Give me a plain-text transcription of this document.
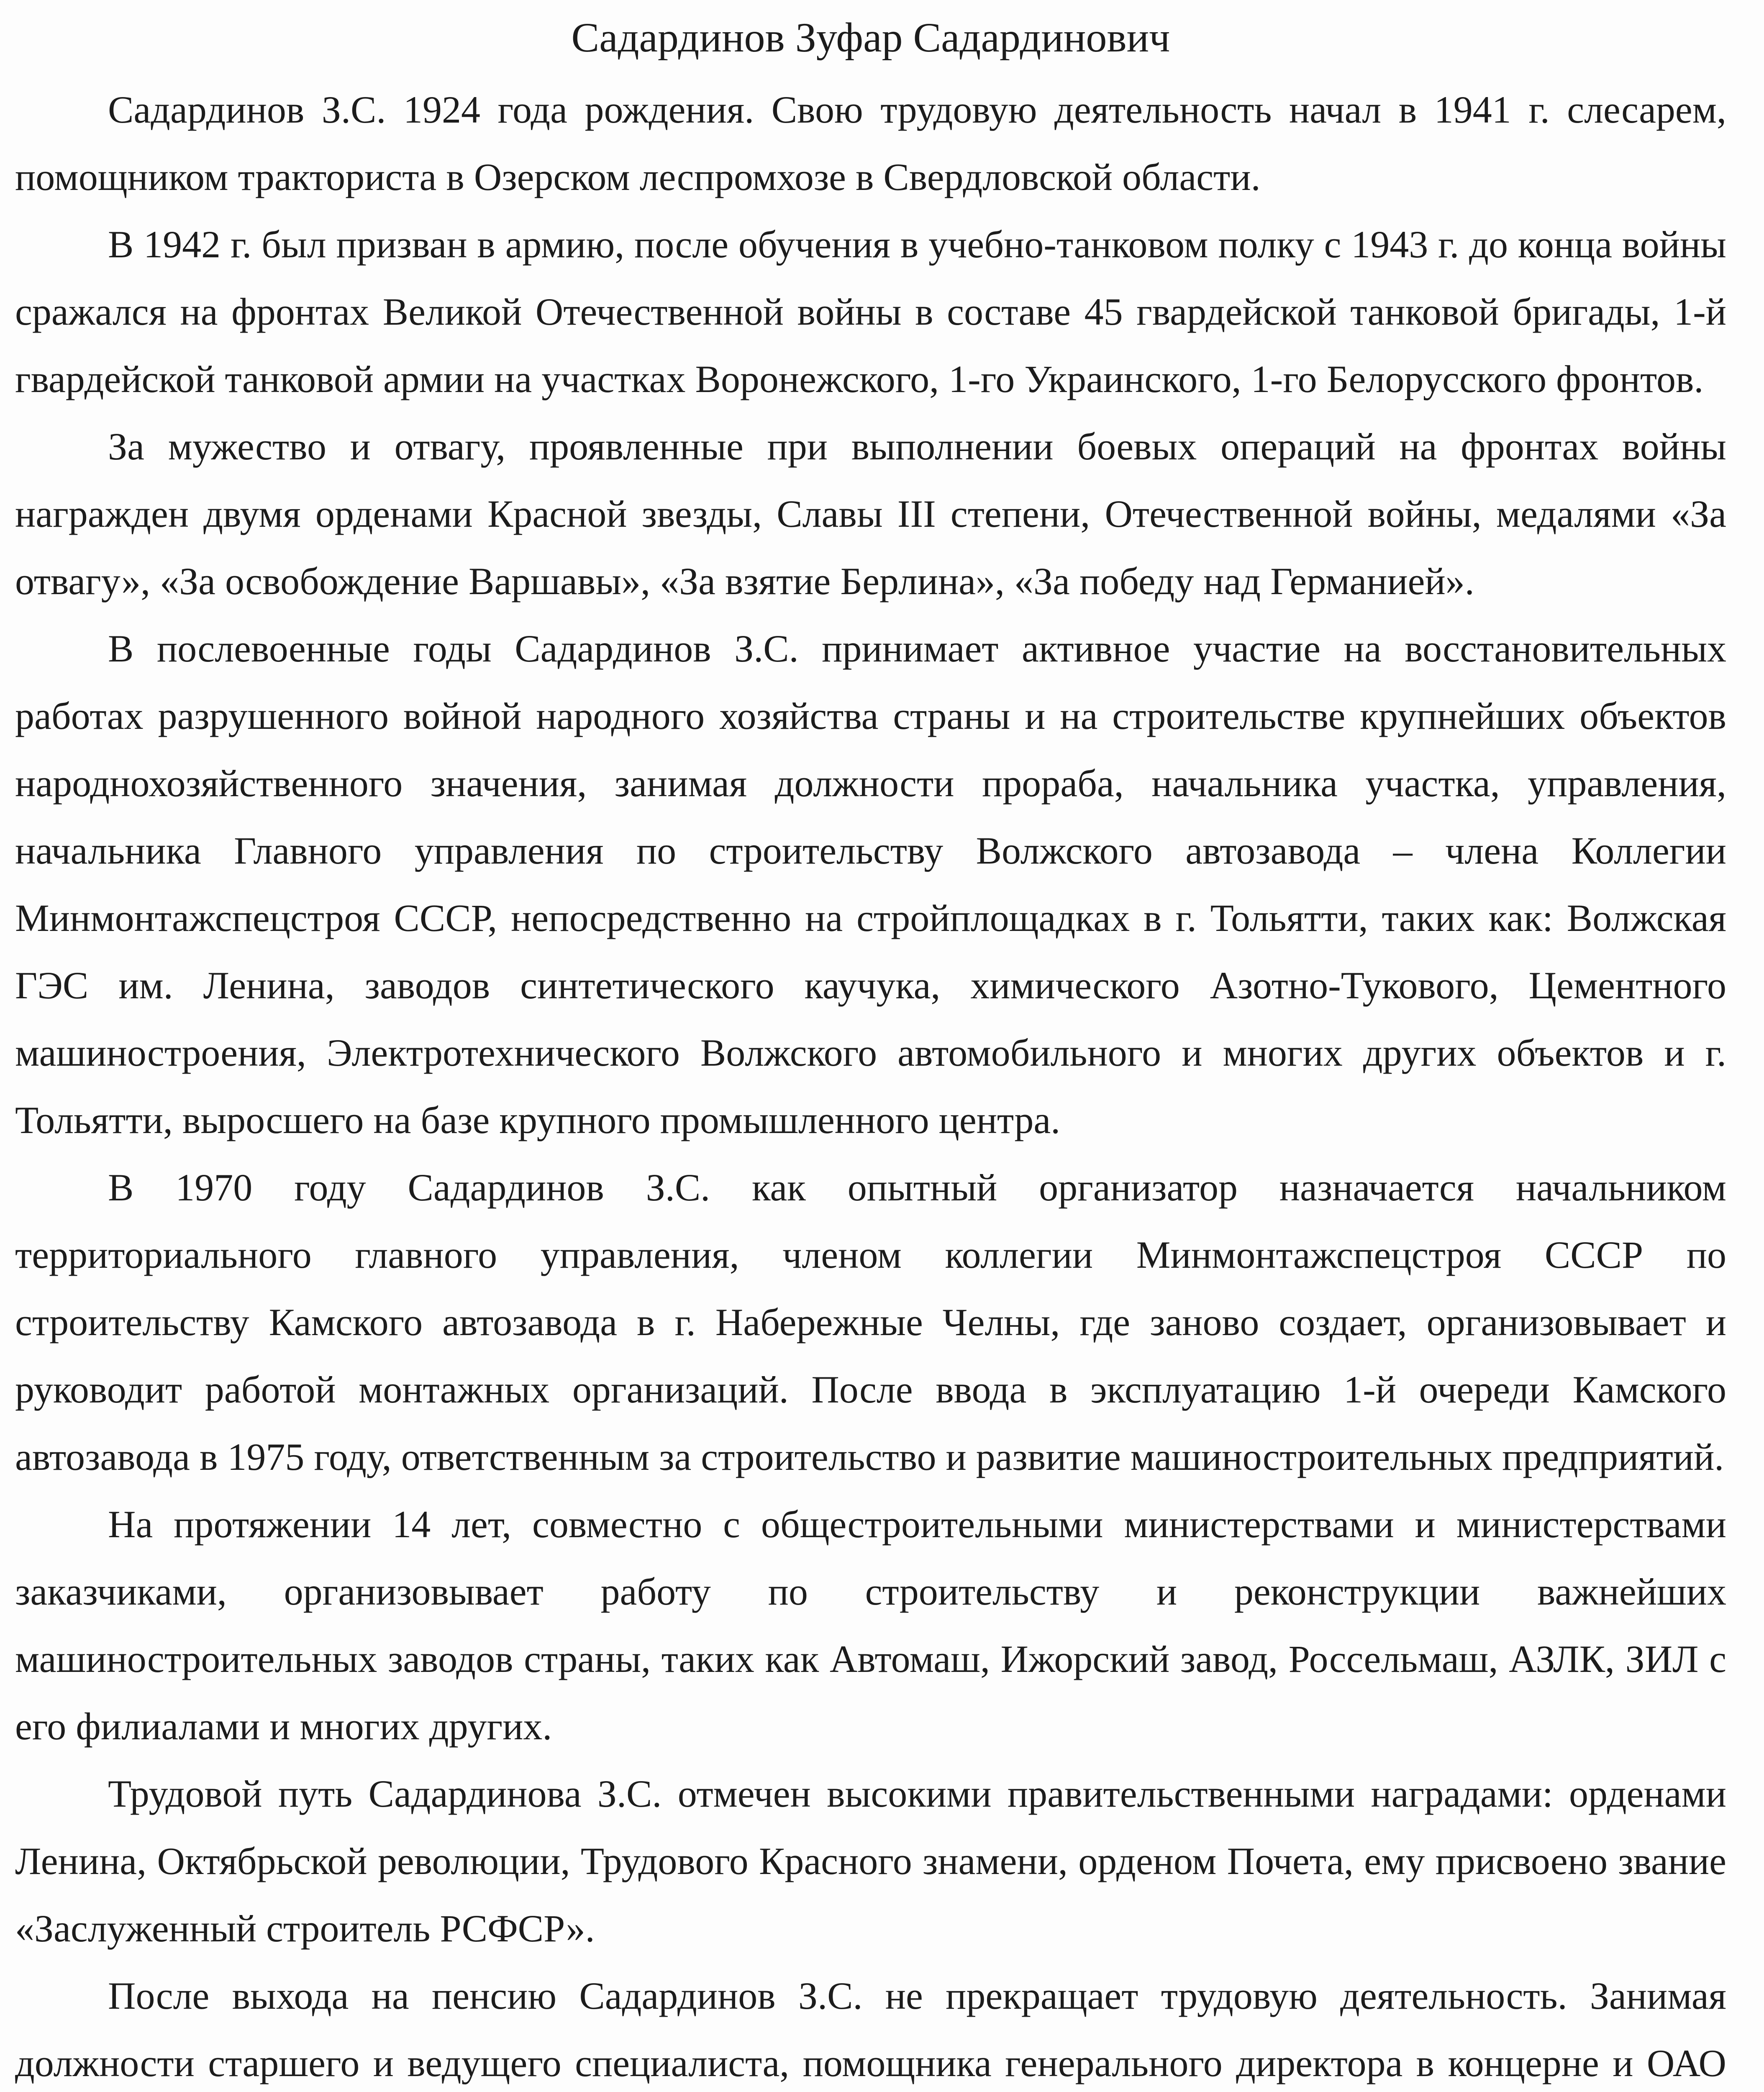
Садардинов Зуфар Садардинович

Садардинов З.С. 1924 года рождения. Свою трудовую деятельность начал в 1941 г. слесарем, помощником тракториста в Озерском леспромхозе в Свердловской области.

В 1942 г. был призван в армию, после обучения в учебно-танковом полку с 1943 г. до конца войны сражался на фронтах Великой Отечественной войны в составе 45 гвардейской танковой бригады, 1-й гвардейской танковой армии на участках Воронежского, 1-го Украинского, 1-го Белорусского фронтов.

За мужество и отвагу, проявленные при выполнении боевых операций на фронтах войны награжден двумя орденами Красной звезды, Славы III степени, Отечественной войны, медалями «За отвагу», «За освобождение Варшавы», «За взятие Берлина», «За победу над Германией».

В послевоенные годы Садардинов З.С. принимает активное участие на восстановительных работах разрушенного войной народного хозяйства страны и на строительстве крупнейших объектов народнохозяйственного значения, занимая должности прораба, начальника участка, управления, начальника Главного управления по строительству Волжского автозавода – члена Коллегии Минмонтажспецстроя СССР, непосредственно на стройплощадках в г. Тольятти, таких как: Волжская ГЭС им. Ленина, заводов синтетического каучука, химического Азотно-Тукового, Цементного машиностроения, Электротехнического Волжского автомобильного и многих других объектов и г. Тольятти, выросшего на базе крупного промышленного центра.

В 1970 году Садардинов З.С. как опытный организатор назначается начальником территориального главного управления, членом коллегии Минмонтажспецстроя СССР по строительству Камского автозавода в г. Набережные Челны, где заново создает, организовывает и руководит работой монтажных организаций. После ввода в эксплуатацию 1-й очереди Камского автозавода в 1975 году, ответственным за строительство и развитие машиностроительных предприятий.

На протяжении 14 лет, совместно с общестроительными министерствами и министерствами заказчиками, организовывает работу по строительству и реконструкции важнейших машиностроительных заводов страны, таких как Автомаш, Ижорский завод, Россельмаш, АЗЛК, ЗИЛ с его филиалами и многих других.

Трудовой путь Садардинова З.С. отмечен высокими правительственными наградами: орденами Ленина, Октябрьской революции, Трудового Красного знамени, орденом Почета, ему присвоено звание «Заслуженный строитель РСФСР».

После выхода на пенсию Садардинов З.С. не прекращает трудовую деятельность. Занимая должности старшего и ведущего специалиста, помощника генерального директора в концерне и ОАО
